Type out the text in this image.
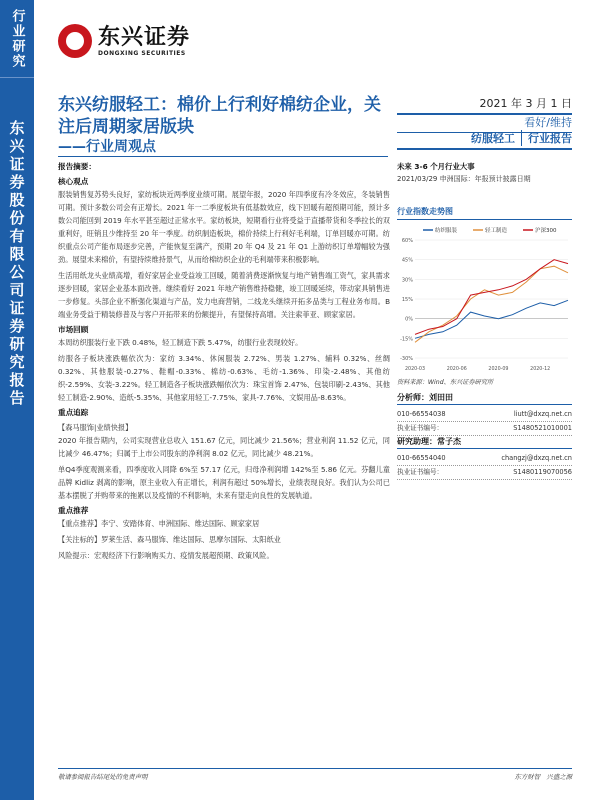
行业研究
东兴证券股份有限公司证券研究报告
东兴证券
DONGXING SECURITIES
东兴纺服轻工：棉价上行利好棉纺企业，关注后周期家居版块
——行业周观点
2021 年 3 月 1 日
看好/维持
纺服轻工	行业报告
报告摘要：
核心观点
服装销售复苏势头良好，家纺板块近两季度业绩可期。展望年报，2020 年四季度有冷冬效应，冬装销售可期。预计多数公司会有正增长。2021 年一二季度板块有低基数效应，线下回暖有超预期可能，预计多数公司能回到 2019 年水平甚至超过正常水平。家纺板块，短期看行业将受益于直播带货和冬季拉长的双重利好，旺销且少维持至 20 年一季度。纺织制造板块，棉价持续上行利好毛利端，订单回暖亦可期。纺织重点公司产能布局逐步完善，产能恢复至满产，预期 20 年 Q4 及 21 年 Q1 上游纺织订单增幅较为强劲。展望未来棉价，有望持续维持景气，从而给棉纺织企业的毛利端带来积极影响。
生活用纸龙头业绩高增，看好家居企业受益竣工回暖，随着消费逐渐恢复与地产销售端工资气，家具需求逐步回暖，家居企业基本面改善。继续看好 2021 年地产销售维持稳健，竣工回暖延续，带动家具销售进一步修复。头部企业不断强化渠道与产品，发力电商营销，二线龙头继续开拓多品类与工程业务布局。B 端业务受益于精装修普及与客户开拓带来的份额提升，有望保持高增。关注索菲亚、顾家家居。
市场回顾
本周纺织服装行业下跌 0.48%，轻工制造下跌 5.47%，纺服行业表现较好。
纺服各子板块涨跌幅依次为：家纺 3.34%、休闲服装 2.72%、男装 1.27%、辅料 0.32%、丝绸 0.32%、其他服装-0.27%、鞋帽-0.33%、棉纺-0.63%、毛纺-1.36%、印染-2.48%、其他纺织-2.59%、女装-3.22%。轻工制造各子板块涨跌幅依次为：珠宝首饰 2.47%、包装印刷-2.43%、其他轻工制造-2.90%、造纸-5.35%、其他家用轻工-7.75%、家具-7.76%、文娱用品-8.63%。
重点追踪
【森马服饰|业绩快报】
2020 年报告期内，公司实现营业总收入 151.67 亿元，同比减少 21.56%；营业利润 11.52 亿元，同比减少 46.47%；归属于上市公司股东的净利润 8.02 亿元，同比减少 48.21%。
单Q4季度观测来看，四季度收入同降 6%至 57.17 亿元，归母净利润增 142%至 5.86 亿元。芬翻儿童品牌 Kidliz 剥离的影响，原主业收入有正增长，利润有超过 50%增长，业绩表现良好。我们认为公司已基本摆脱了并购带来的拖累以及疫情的不利影响，未来有望走向良性的发展轨道。
重点推荐
【重点推荐】李宁、安踏体育、申洲国际、维达国际、顾家家居
【关注标的】罗莱生活、森马服饰、维达国际、思摩尔国际、太阳纸业
风险提示：宏观经济下行影响购买力、疫情发展超预期、政策风险。
未来 3-6 个月行业大事
2021/03/29 申洲国际：年报预计披露日期
行业指数走势图
-30%
-15%
0%
15%
30%
45%
60%
纺织服装	轻工制造	沪深300
2020-03	2020-06	2020-09	2020-12
资料来源：Wind、东兴证券研究所
分析师：刘田田
010-66554038	liutt@dxzq.net.cn
执业证书编号：	S1480521010001
研究助理：常子杰
010-66554040	changzj@dxzq.net.cn
执业证书编号：	S1480119070056
敬请参阅报告结尾处的免责声明	东方财智　兴盛之源
